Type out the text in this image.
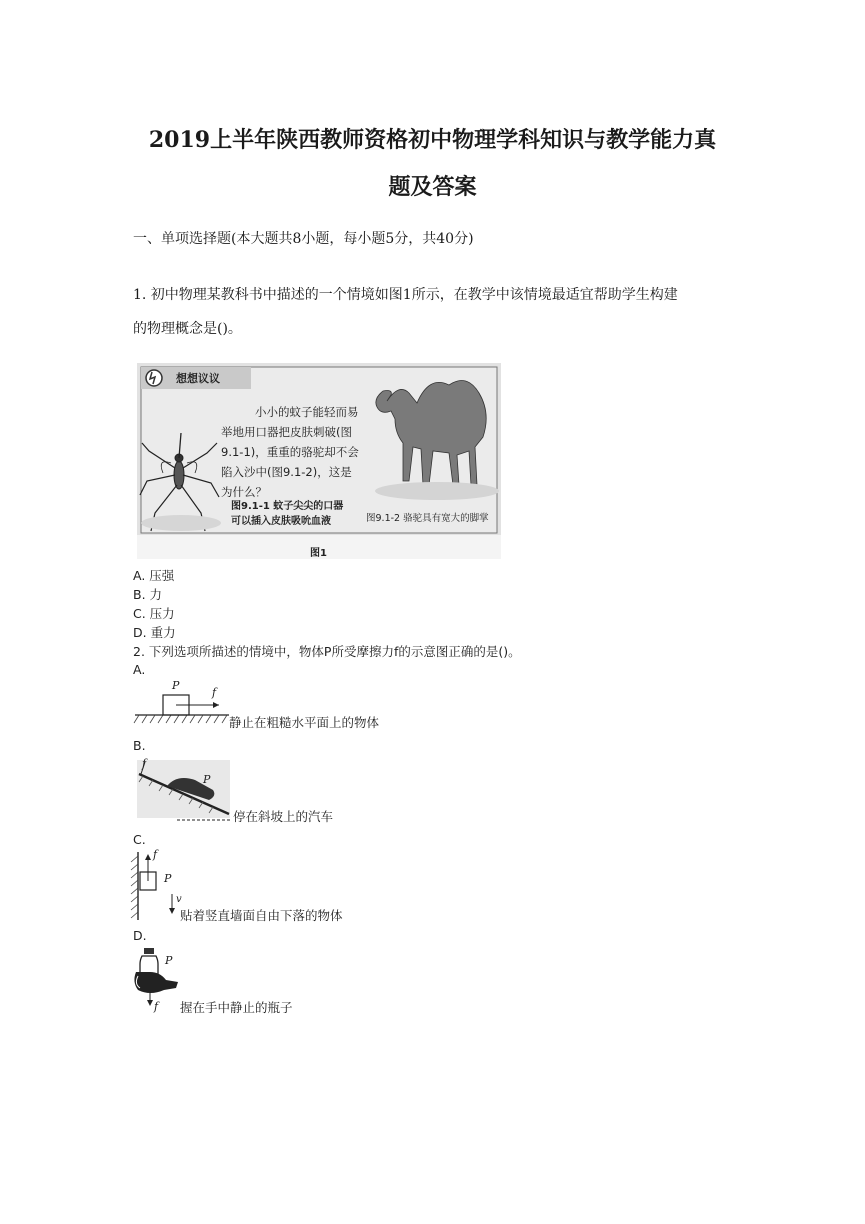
2019上半年陕西教师资格初中物理学科知识与教学能力真
题及答案
一、单项选择题(本大题共8小题，每小题5分，共40分)
1. 初中物理某教科书中描述的一个情境如图1所示，在教学中该情境最适宜帮助学生构建
的物理概念是()。
想想议议
小小的蚊子能轻而易
举地用口器把皮肤刺破(图
9.1-1)，重重的骆驼却不会
陷入沙中(图9.1-2)，这是
为什么？
图9.1-1 蚊子尖尖的口器
可以插入皮肤吸吮血液	图9.1-2 骆驼具有宽大的脚掌
图1
A. 压强
B. 力
C. 压力
D. 重力
2. 下列选项所描述的情境中，物体P所受摩擦力f的示意图正确的是()。
A.
P
f
静止在粗糙水平面上的物体
B.
f
P
停在斜坡上的汽车
C.
f
P
v
贴着竖直墙面自由下落的物体
D.
P
f 握在手中静止的瓶子
